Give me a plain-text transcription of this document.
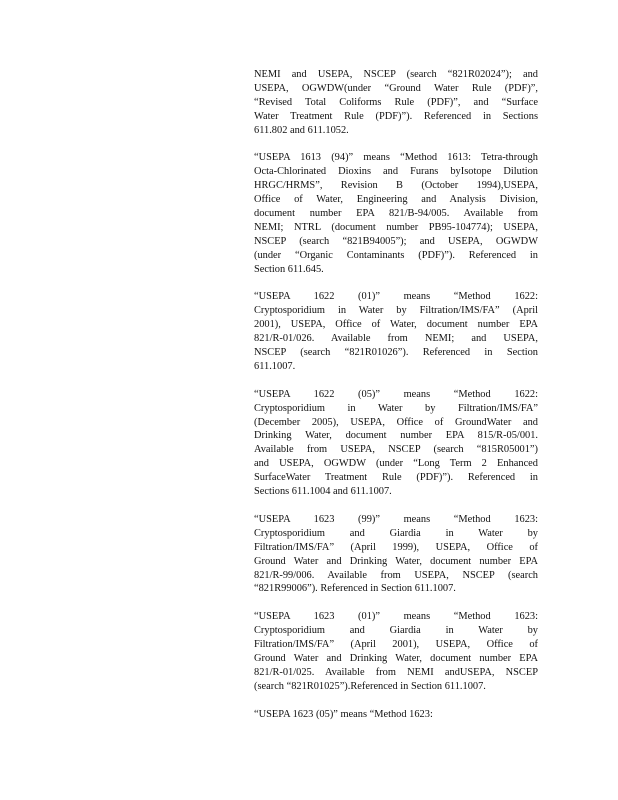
NEMI and USEPA, NSCEP (search “821R02024”); and
USEPA, OGWDW(under “Ground Water Rule (PDF)”,
“Revised Total Coliforms Rule (PDF)”, and “Surface
Water Treatment Rule (PDF)”). Referenced in Sections
611.802 and 611.1052.
“USEPA 1613 (94)” means “Method 1613: Tetra-through
Octa-Chlorinated Dioxins and Furans byIsotope Dilution
HRGC/HRMS”, Revision B (October 1994),USEPA,
Office of Water, Engineering and Analysis Division,
document number EPA 821/B-94/005. Available from
NEMI; NTRL (document number PB95-104774); USEPA,
NSCEP (search “821B94005”); and USEPA, OGWDW
(under “Organic Contaminants (PDF)”). Referenced in
Section 611.645.
“USEPA 1622 (01)” means “Method 1622:
Cryptosporidium in Water by Filtration/IMS/FA” (April
2001), USEPA, Office of Water, document number EPA
821/R-01/026. Available from NEMI; and USEPA,
NSCEP (search “821R01026”). Referenced in Section
611.1007.
“USEPA 1622 (05)” means “Method 1622:
Cryptosporidium in Water by Filtration/IMS/FA”
(December 2005), USEPA, Office of GroundWater and
Drinking Water, document number EPA 815/R-05/001.
Available from USEPA, NSCEP (search “815R05001”)
and USEPA, OGWDW (under “Long Term 2 Enhanced
SurfaceWater Treatment Rule (PDF)”). Referenced in
Sections 611.1004 and 611.1007.
“USEPA 1623 (99)” means “Method 1623:
Cryptosporidium and Giardia in Water by
Filtration/IMS/FA” (April 1999), USEPA, Office of
Ground Water and Drinking Water, document number EPA
821/R-99/006. Available from USEPA, NSCEP (search
“821R99006”). Referenced in Section 611.1007.
“USEPA 1623 (01)” means “Method 1623:
Cryptosporidium and Giardia in Water by
Filtration/IMS/FA” (April 2001), USEPA, Office of
Ground Water and Drinking Water, document number EPA
821/R-01/025. Available from NEMI andUSEPA, NSCEP
(search “821R01025”).Referenced in Section 611.1007.
“USEPA 1623 (05)” means “Method 1623:
